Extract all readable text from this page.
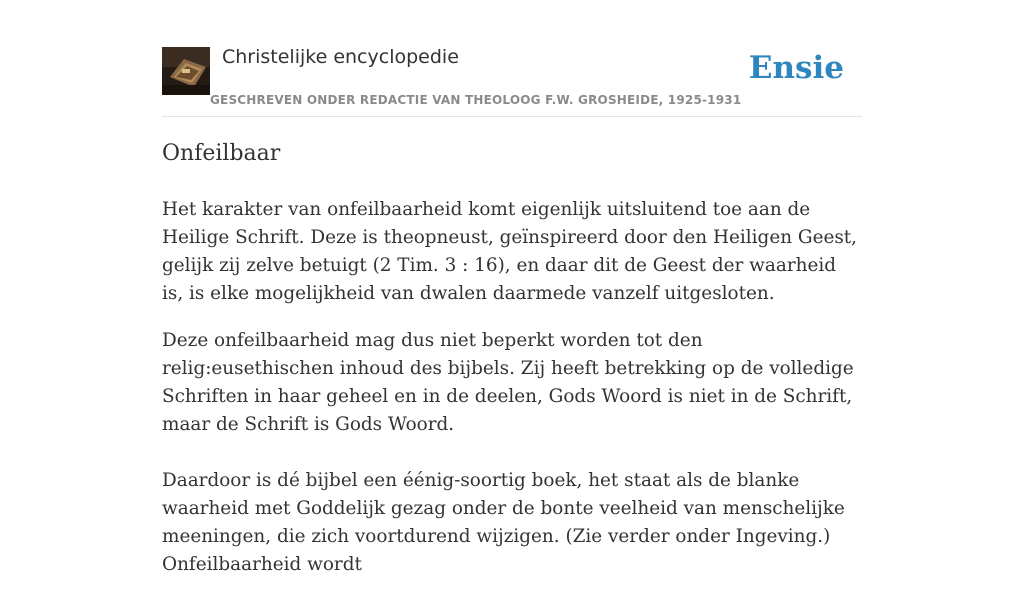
Christelijke encyclopedie
GESCHREVEN ONDER REDACTIE VAN THEOLOOG F.W. GROSHEIDE, 1925-1931
Ensie
Onfeilbaar

Het karakter van onfeilbaarheid komt eigenlijk uitsluitend toe aan de Heilige Schrift. Deze is theopneust, geïnspireerd door den Heiligen Geest, gelijk zij zelve betuigt (2 Tim. 3 : 16), en daar dit de Geest der waarheid is, is elke mogelijkheid van dwalen daarmede vanzelf uitgesloten.

Deze onfeilbaarheid mag dus niet beperkt worden tot den relig:eusethischen inhoud des bijbels. Zij heeft betrekking op de volledige Schriften in haar geheel en in de deelen, Gods Woord is niet in de Schrift, maar de Schrift is Gods Woord.

Daardoor is dé bijbel een éénig-soortig boek, het staat als de blanke waarheid met Goddelijk gezag onder de bonte veelheid van menschelijke meeningen, die zich voortdurend wijzigen. (Zie verder onder Ingeving.) Onfeilbaarheid wordt
